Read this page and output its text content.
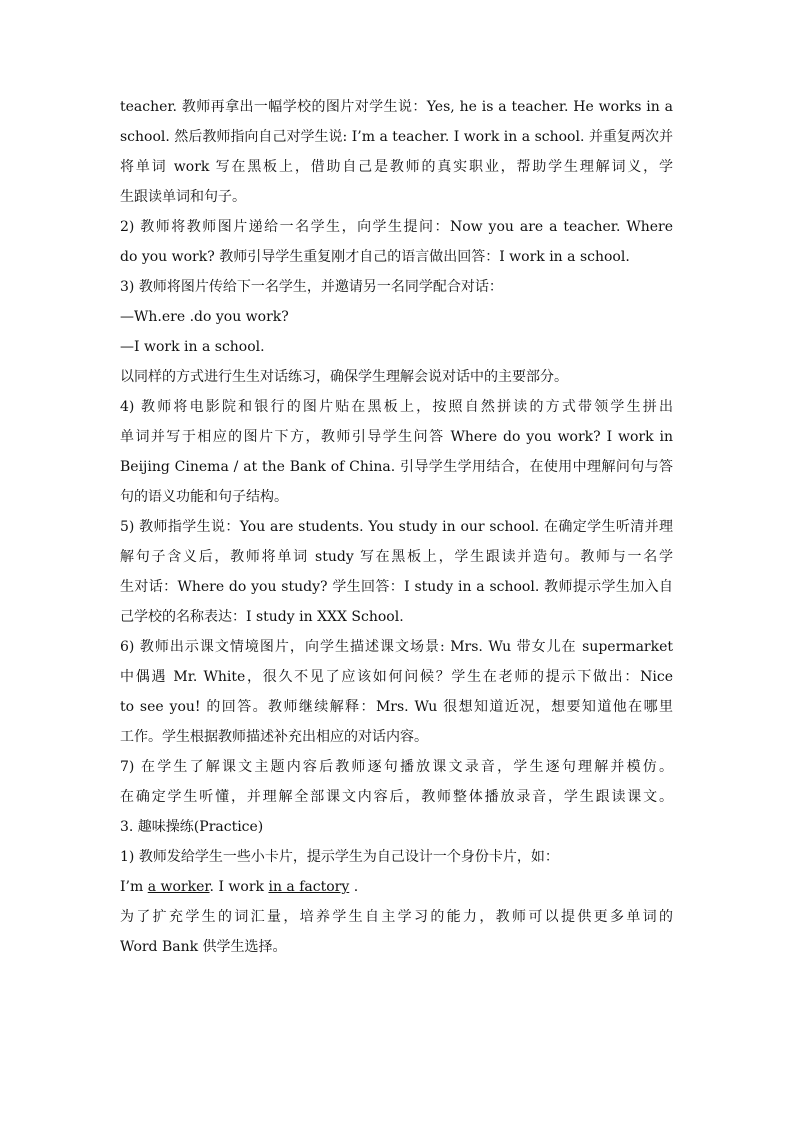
teacher. 教师再拿出一幅学校的图片对学生说：Yes, he is a teacher. He works in a
school. 然后教师指向自己对学生说: I’m a teacher. I work in a school. 并重复两次并
将单词 work 写在黑板上，借助自己是教师的真实职业，帮助学生理解词义，学
生跟读单词和句子。
2) 教师将教师图片递给一名学生，向学生提问：Now you are a teacher. Where
do you work? 教师引导学生重复刚才自己的语言做出回答：I work in a school.
3) 教师将图片传给下一名学生，并邀请另一名同学配合对话：
—Wh.ere .do you work?
—I work in a school.
以同样的方式进行生生对话练习，确保学生理解会说对话中的主要部分。
4) 教师将电影院和银行的图片贴在黑板上，按照自然拼读的方式带领学生拼出
单词并写于相应的图片下方，教师引导学生问答 Where do you work? I work in
Beijing Cinema / at the Bank of China. 引导学生学用结合，在使用中理解问句与答
句的语义功能和句子结构。
5) 教师指学生说：You are students. You study in our school. 在确定学生听清并理
解句子含义后，教师将单词 study 写在黑板上，学生跟读并造句。教师与一名学
生对话：Where do you study? 学生回答：I study in a school. 教师提示学生加入自
己学校的名称表达：I study in XXX School.
6) 教师出示课文情境图片，向学生描述课文场景: Mrs. Wu 带女儿在 supermarket
中偶遇 Mr. White，很久不见了应该如何问候？学生在老师的提示下做出：Nice
to see you! 的回答。教师继续解释：Mrs. Wu 很想知道近况，想要知道他在哪里
工作。学生根据教师描述补充出相应的对话内容。
7) 在学生了解课文主题内容后教师逐句播放课文录音，学生逐句理解并模仿。
在确定学生听懂，并理解全部课文内容后，教师整体播放录音，学生跟读课文。
3. 趣味操练(Practice)
1) 教师发给学生一些小卡片，提示学生为自己设计一个身份卡片，如：
I’m a worker. I work in a factory .
为了扩充学生的词汇量，培养学生自主学习的能力，教师可以提供更多单词的
Word Bank 供学生选择。
